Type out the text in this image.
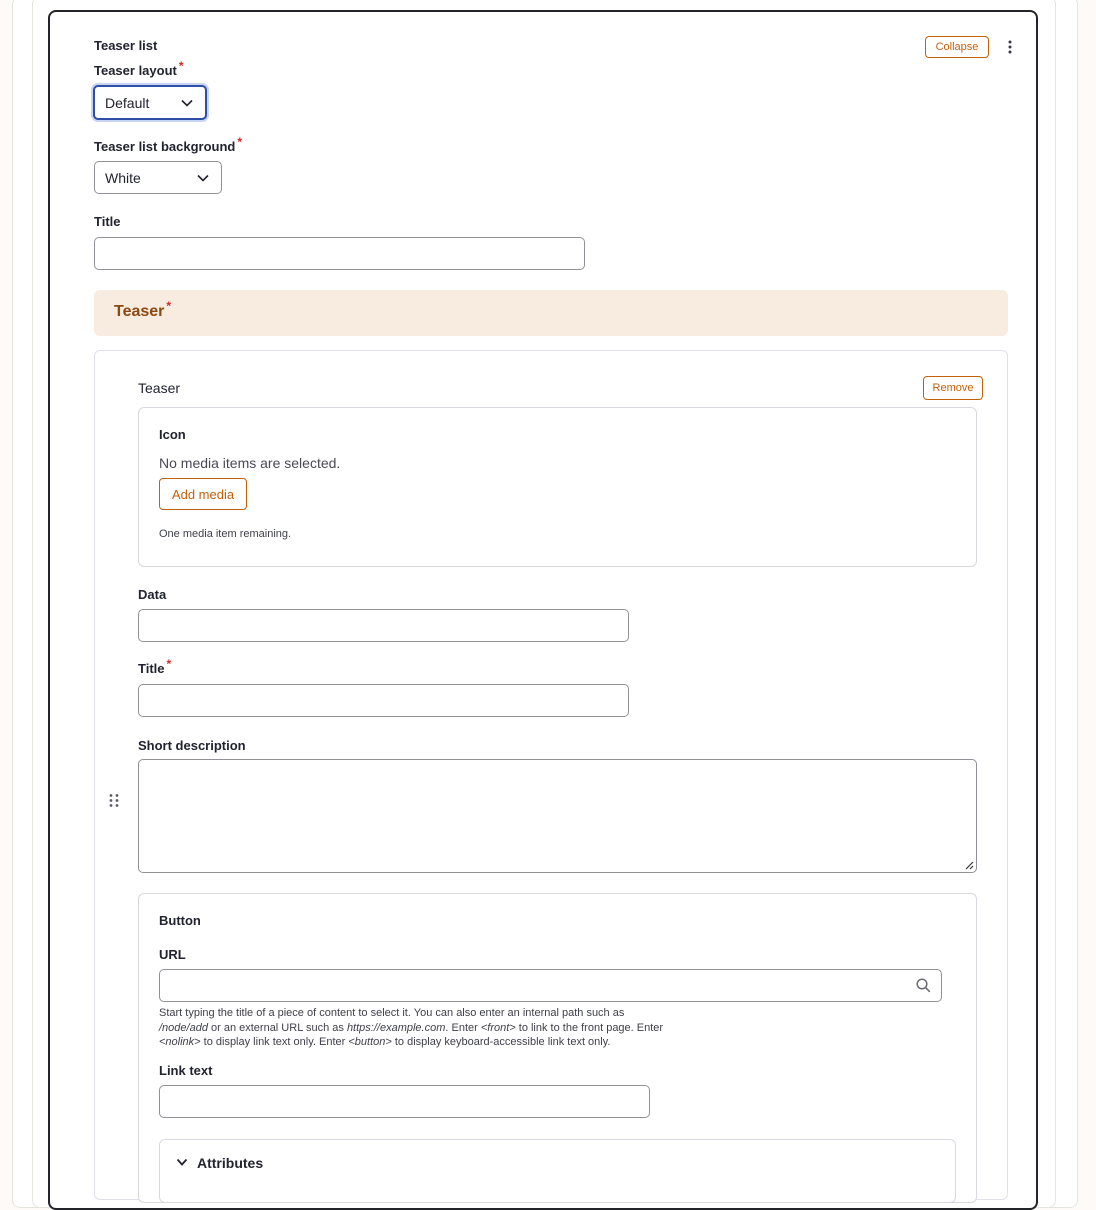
Teaser list	Collapse
Teaser layout *
Default
Teaser list background *
White
Title
Teaser *
Teaser	Remove
Icon
No media items are selected.
Add media
One media item remaining.
Data
Title *
Short description
Button
URL
Start typing the title of a piece of content to select it. You can also enter an internal path such as
/node/add or an external URL such as https://example.com. Enter <front> to link to the front page. Enter
<nolink> to display link text only. Enter <button> to display keyboard-accessible link text only.
Link text
Attributes
